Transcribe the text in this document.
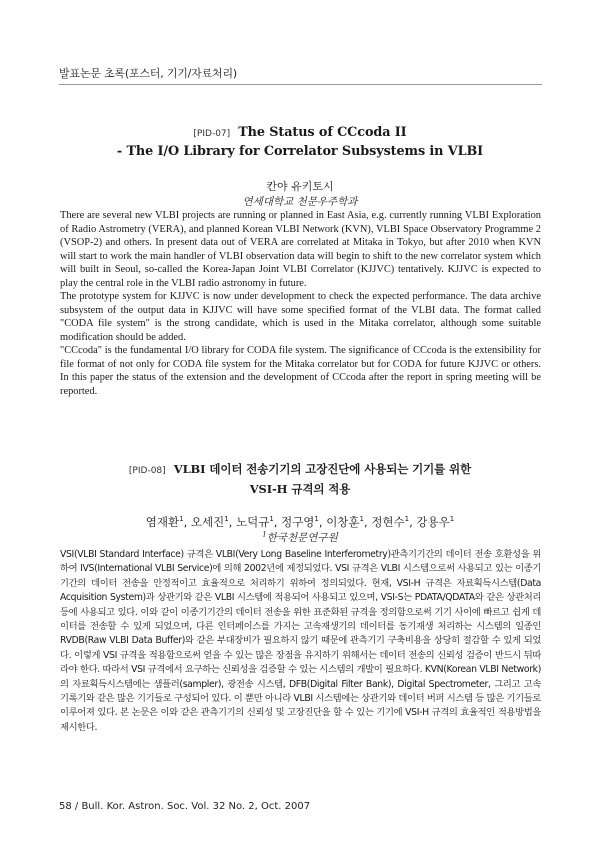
발표논문 초록(포스터, 기기/자료처리)
[PID-07] The Status of CCcoda II
- The I/O Library for Correlator Subsystems in VLBI
칸야 유키토시
연세대학교 천문우주학과

There are several new VLBI projects are running or planned in East Asia, e.g. currently running VLBI Exploration of Radio Astrometry (VERA), and planned Korean VLBI Network (KVN), VLBI Space Observatory Programme 2 (VSOP-2) and others. In present data out of VERA are correlated at Mitaka in Tokyo, but after 2010 when KVN will start to work the main handler of VLBI observation data will begin to shift to the new correlator system which will built in Seoul, so-called the Korea-Japan Joint VLBI Correlator (KJJVC) tentatively. KJJVC is expected to play the central role in the VLBI radio astronomy in future.

The prototype system for KJJVC is now under development to check the expected performance. The data archive subsystem of the output data in KJJVC will have some specified format of the VLBI data. The format called "CODA file system" is the strong candidate, which is used in the Mitaka correlator, although some suitable modification should be added.

"CCcoda" is the fundamental I/O library for CODA file system. The significance of CCcoda is the extensibility for file format of not only for CODA file system for the Mitaka correlator but for CODA for future KJJVC or others. In this paper the status of the extension and the development of CCcoda after the report in spring meeting will be reported.

[PID-08] VLBI 데이터 전송기기의 고장진단에 사용되는 기기를 위한
VSI-H 규격의 적용
염재환$^1$, 오세진$^1$, 노덕규$^1$, 정구영$^1$, 이창훈$^1$, 정현수$^1$, 강용우$^1$
$^1$한국천문연구원

VSI(VLBI Standard Interface) 규격은 VLBI(Very Long Baseline Interferometry)관측기기간의 데이터 전송 호환성을 위하여 IVS(International VLBI Service)에 의해 2002년에 제정되었다. VSI 규격은 VLBI 시스템으로써 사용되고 있는 이종기기간의 데이터 전송을 안정적이고 효율적으로 처리하기 위하여 정의되었다. 현재, VSI-H 규격은 자료획득시스템(Data Acquisition System)과 상관기와 같은 VLBI 시스템에 적용되어 사용되고 있으며, VSI-S는 PDATA/QDATA와 같은 상관처리 등에 사용되고 있다. 이와 같이 이종기기간의 데이터 전송을 위한 표준화된 규격을 정의함으로써 기기 사이에 빠르고 쉽게 데이터를 전송할 수 있게 되었으며, 다른 인터페이스를 가지는 고속재생기의 데이터를 동기재생 처리하는 시스템의 일종인 RVDB(Raw VLBI Data Buffer)와 같은 부대장비가 필요하지 않기 때문에 관측기기 구축비용을 상당히 절감할 수 있게 되었다. 이렇게 VSI 규격을 적용함으로써 얻을 수 있는 많은 장점을 유지하기 위해서는 데이터 전송의 신뢰성 검증이 반드시 뒤따라야 한다. 따라서 VSI 규격에서 요구하는 신뢰성을 검증할 수 있는 시스템의 개발이 필요하다. KVN(Korean VLBI Network)의 자료획득시스템에는 샘플러(sampler), 광전송 시스템, DFB(Digital Filter Bank), Digital Spectrometer, 그리고 고속 기록기와 같은 많은 기기들로 구성되어 있다. 이 뿐만 아니라 VLBI 시스템에는 상관기와 데이터 버퍼 시스템 등 많은 기기들로 이루어져 있다. 본 논문은 이와 같은 관측기기의 신뢰성 및 고장진단을 할 수 있는 기기에 VSI-H 규격의 효율적인 적용방법을 제시한다.

58 / Bull. Kor. Astron. Soc. Vol. 32 No. 2, Oct. 2007
